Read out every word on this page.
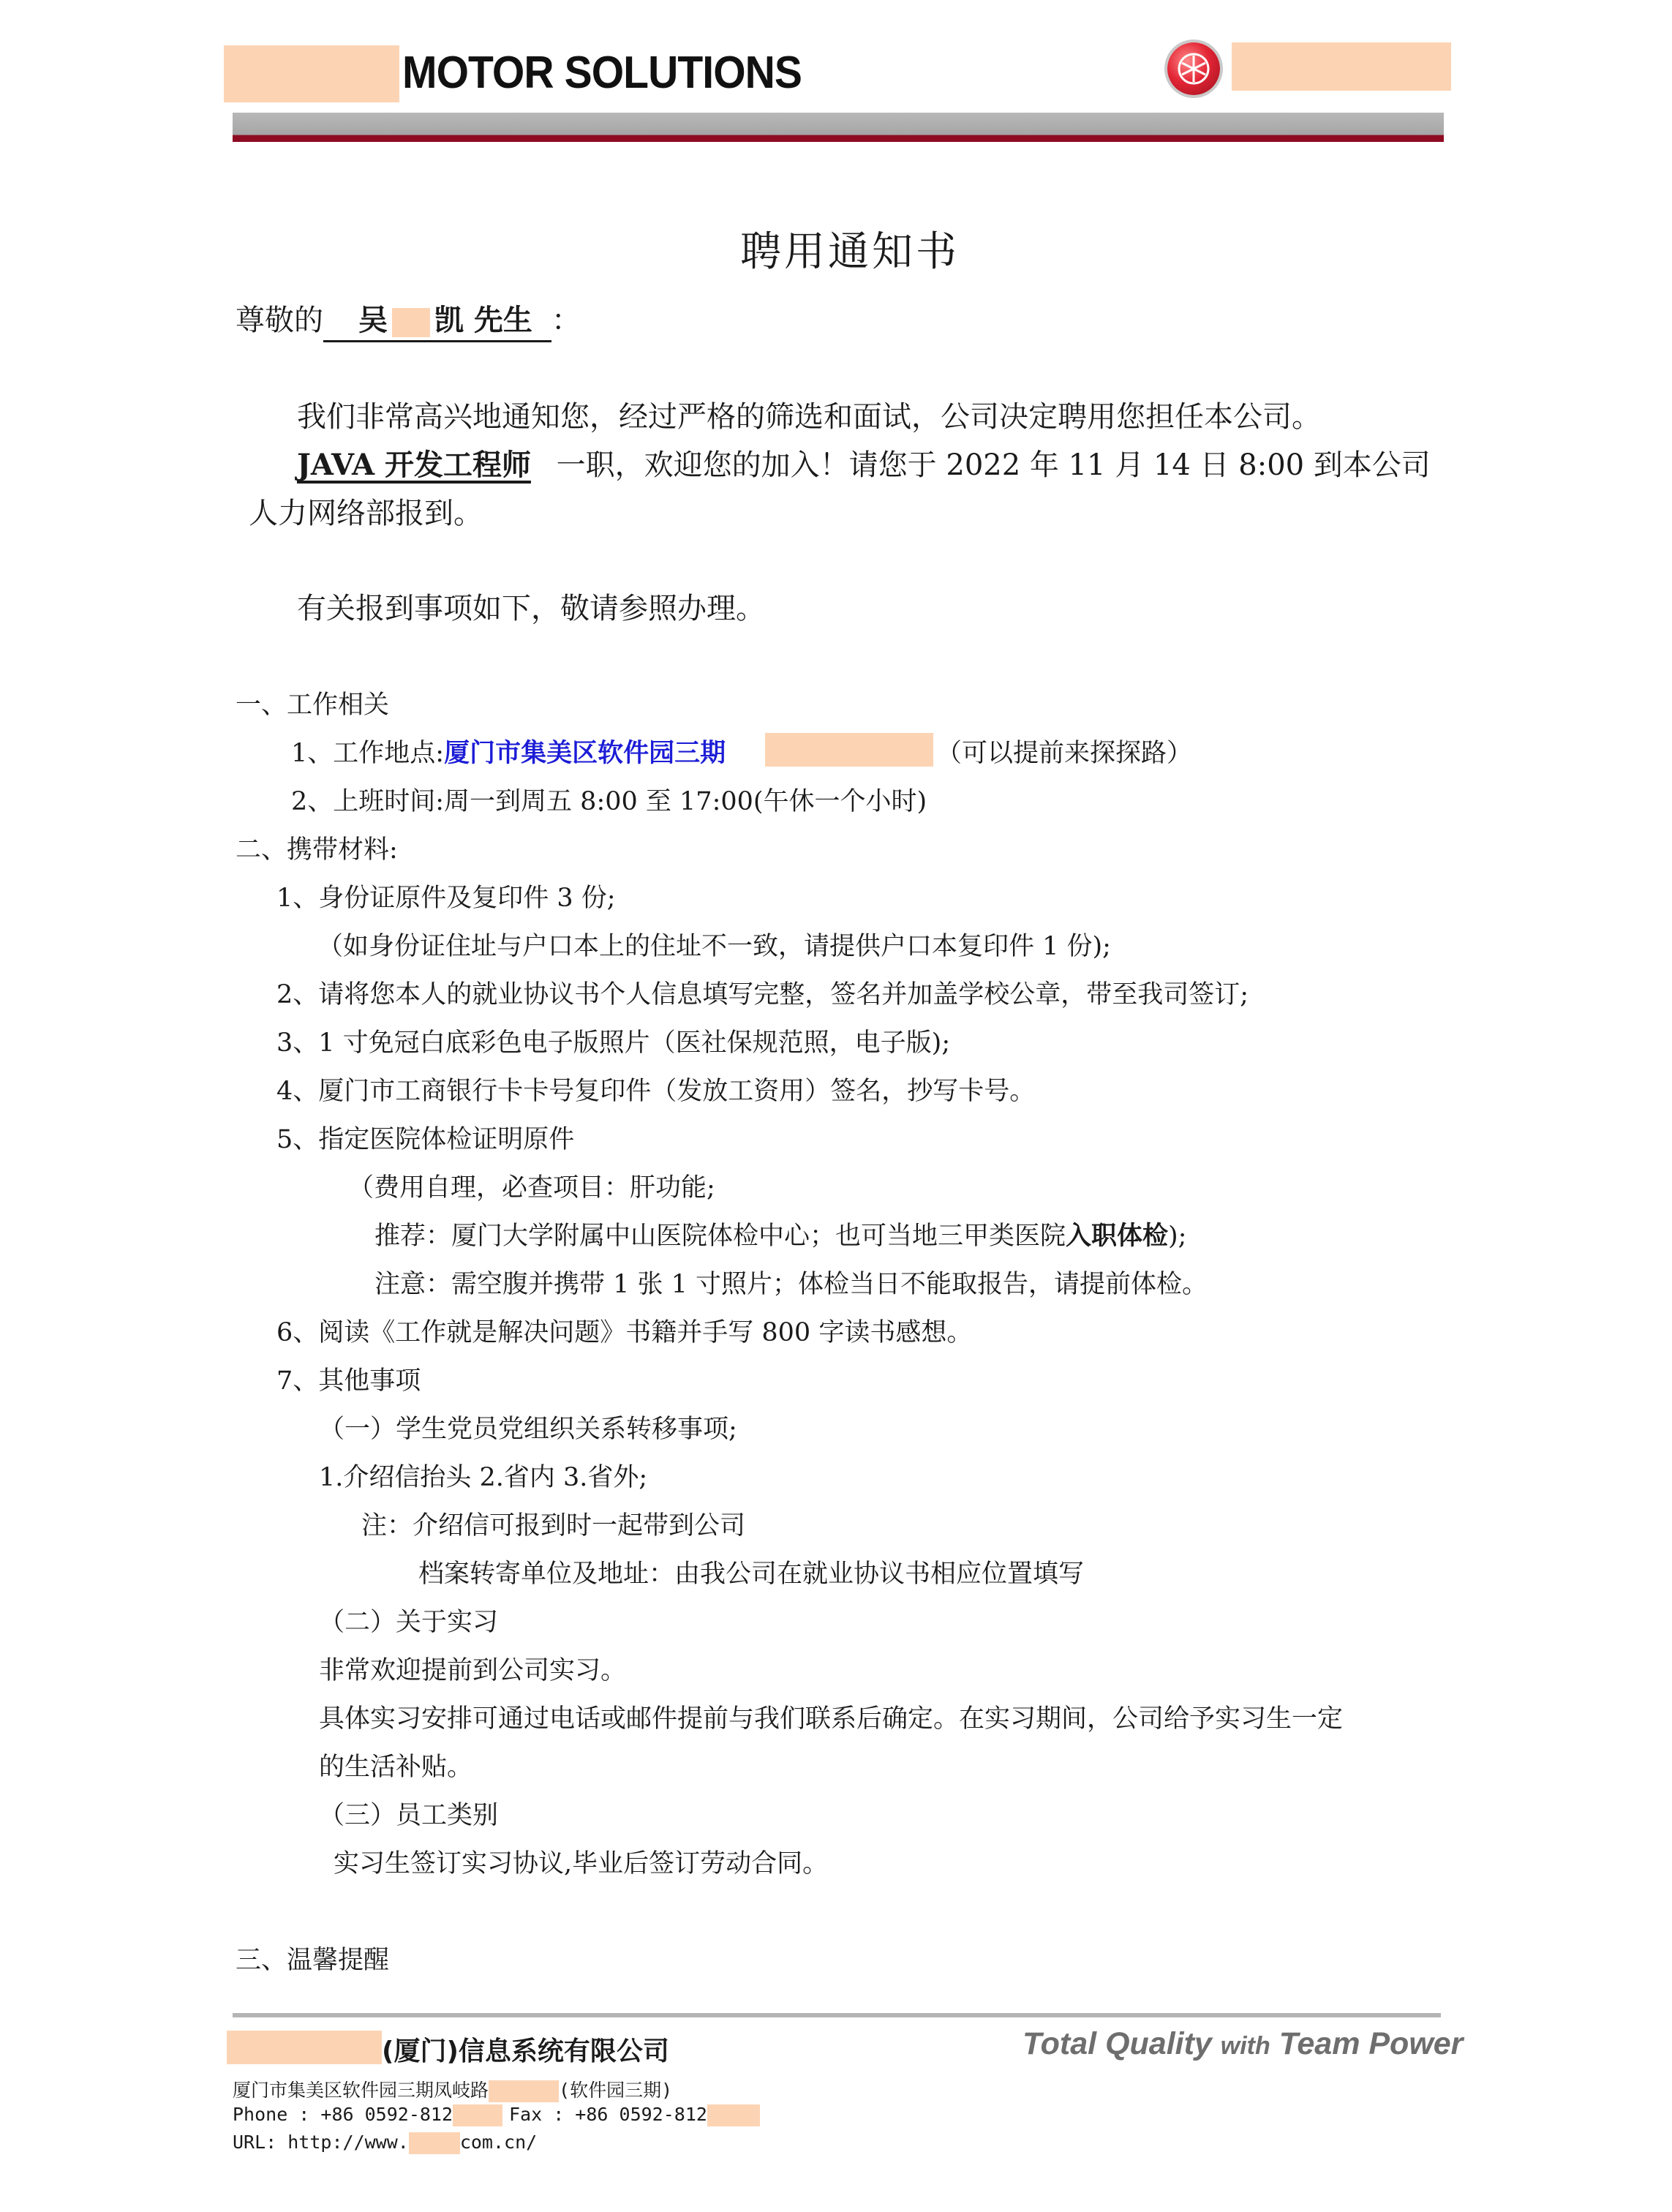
MOTOR SOLUTIONS
聘用通知书
尊敬的 吴 凯 先生 ：
我们非常高兴地通知您，经过严格的筛选和面试，公司决定聘用您担任本公司。
JAVA 开发工程师 一职，欢迎您的加入！请您于 2022 年 11 月 14 日 8:00 到本公司
人力网络部报到。
有关报到事项如下，敬请参照办理。
一、工作相关
1、工作地点:厦门市集美区软件园三期	（可以提前来探探路）
2、上班时间:周一到周五 8:00 至 17:00(午休一个小时)
二、携带材料:
1、身份证原件及复印件 3 份;
（如身份证住址与户口本上的住址不一致，请提供户口本复印件 1 份);
2、请将您本人的就业协议书个人信息填写完整，签名并加盖学校公章，带至我司签订;
3、1 寸免冠白底彩色电子版照片（医社保规范照，电子版);
4、厦门市工商银行卡卡号复印件（发放工资用）签名，抄写卡号。
5、指定医院体检证明原件
（费用自理，必查项目：肝功能;
推荐：厦门大学附属中山医院体检中心；也可当地三甲类医院入职体检);
注意：需空腹并携带 1 张 1 寸照片；体检当日不能取报告，请提前体检。
6、阅读《工作就是解决问题》书籍并手写 800 字读书感想。
7、其他事项
（一）学生党员党组织关系转移事项;
1.介绍信抬头 2.省内 3.省外;
注：介绍信可报到时一起带到公司
档案转寄单位及地址：由我公司在就业协议书相应位置填写
（二）关于实习
非常欢迎提前到公司实习。
具体实习安排可通过电话或邮件提前与我们联系后确定。在实习期间，公司给予实习生一定
的生活补贴。
（三）员工类别
实习生签订实习协议,毕业后签订劳动合同。
三、温馨提醒
(厦门)信息系统有限公司	Total Quality with Team Power
厦门市集美区软件园三期凤岐路	(软件园三期)
Phone : +86 0592-812	Fax : +86 0592-812
URL: http://www.	com.cn/
